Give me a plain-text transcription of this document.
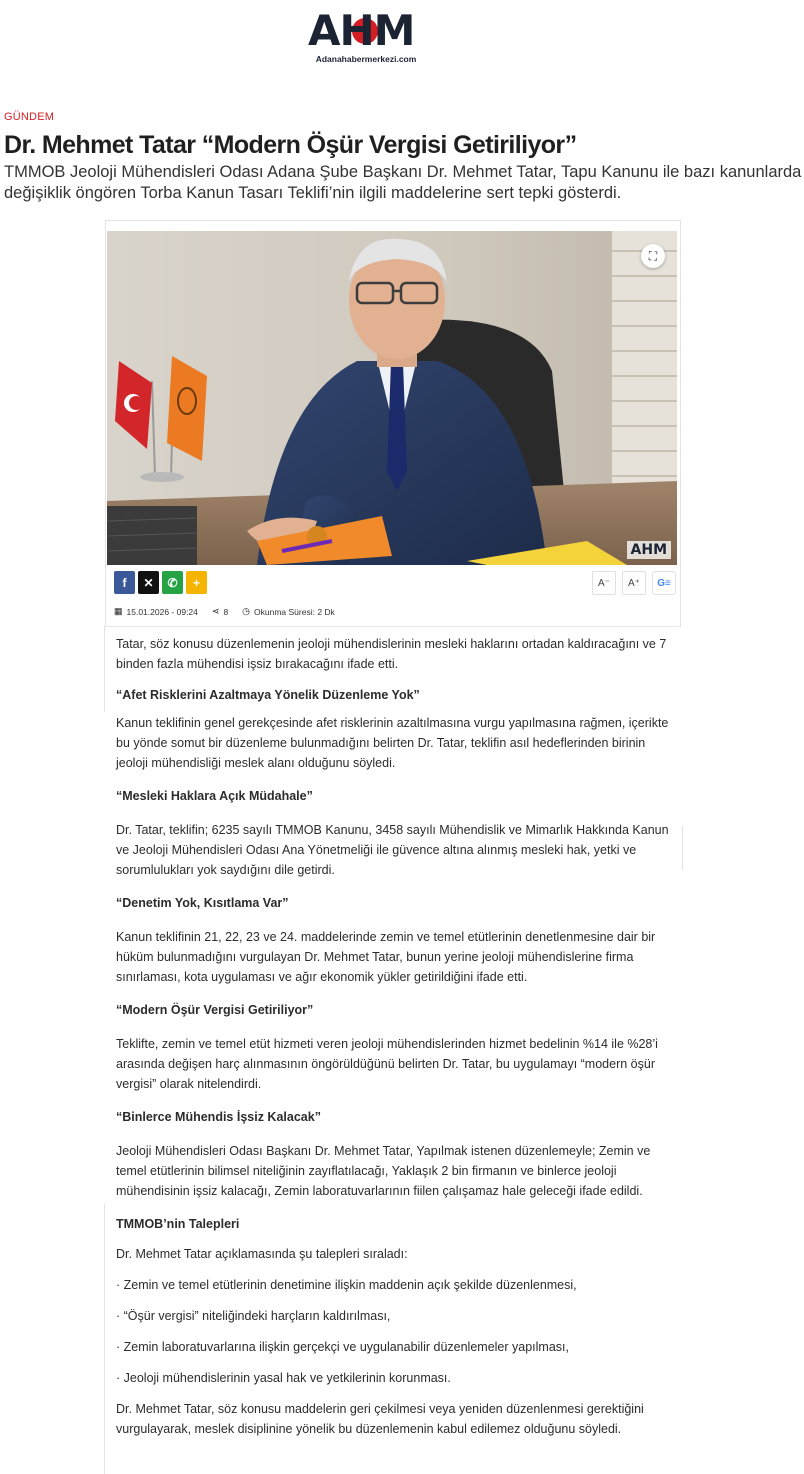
AHM
Adanahabermerkezi.com
GÜNDEM
Dr. Mehmet Tatar “Modern Öşür Vergisi Getiriliyor”

TMMOB Jeoloji Mühendisleri Odası Adana Şube Başkanı Dr. Mehmet Tatar, Tapu Kanunu ile bazı kanunlarda değişiklik öngören Torba Kanun Tasarı Teklifi’nin ilgili maddelerine sert tepki gösterdi.

⛶
AHM
f	✕	✆	+	A⁻	A⁺	G≡
▦ 15.01.2026 - 09:24 ⋖ 8 ◷ Okunma Süresi: 2 Dk

Tatar, söz konusu düzenlemenin jeoloji mühendislerinin mesleki haklarını ortadan kaldıracağını ve 7 binden fazla mühendisi işsiz bırakacağını ifade etti.

“Afet Risklerini Azaltmaya Yönelik Düzenleme Yok”

Kanun teklifinin genel gerekçesinde afet risklerinin azaltılmasına vurgu yapılmasına rağmen, içerikte bu yönde somut bir düzenleme bulunmadığını belirten Dr. Tatar, teklifin asıl hedeflerinden birinin jeoloji mühendisliği meslek alanı olduğunu söyledi.

“Mesleki Haklara Açık Müdahale”

Dr. Tatar, teklifin; 6235 sayılı TMMOB Kanunu, 3458 sayılı Mühendislik ve Mimarlık Hakkında Kanun ve Jeoloji Mühendisleri Odası Ana Yönetmeliği ile güvence altına alınmış mesleki hak, yetki ve sorumlulukları yok saydığını dile getirdi.

“Denetim Yok, Kısıtlama Var”

Kanun teklifinin 21, 22, 23 ve 24. maddelerinde zemin ve temel etütlerinin denetlenmesine dair bir hüküm bulunmadığını vurgulayan Dr. Mehmet Tatar, bunun yerine jeoloji mühendislerine firma sınırlaması, kota uygulaması ve ağır ekonomik yükler getirildiğini ifade etti.

“Modern Öşür Vergisi Getiriliyor”

Teklifte, zemin ve temel etüt hizmeti veren jeoloji mühendislerinden hizmet bedelinin %14 ile %28’i arasında değişen harç alınmasının öngörüldüğünü belirten Dr. Tatar, bu uygulamayı “modern öşür vergisi” olarak nitelendirdi.

“Binlerce Mühendis İşsiz Kalacak”

Jeoloji Mühendisleri Odası Başkanı Dr. Mehmet Tatar, Yapılmak istenen düzenlemeyle; Zemin ve temel etütlerinin bilimsel niteliğinin zayıflatılacağı, Yaklaşık 2 bin firmanın ve binlerce jeoloji mühendisinin işsiz kalacağı, Zemin laboratuvarlarının fiilen çalışamaz hale geleceği ifade edildi.

TMMOB’nin Talepleri

Dr. Mehmet Tatar açıklamasında şu talepleri sıraladı:

· Zemin ve temel etütlerinin denetimine ilişkin maddenin açık şekilde düzenlenmesi,

· “Öşür vergisi” niteliğindeki harçların kaldırılması,

· Zemin laboratuvarlarına ilişkin gerçekçi ve uygulanabilir düzenlemeler yapılması,

· Jeoloji mühendislerinin yasal hak ve yetkilerinin korunması.

Dr. Mehmet Tatar, söz konusu maddelerin geri çekilmesi veya yeniden düzenlenmesi gerektiğini vurgulayarak, meslek disiplinine yönelik bu düzenlemenin kabul edilemez olduğunu söyledi.
